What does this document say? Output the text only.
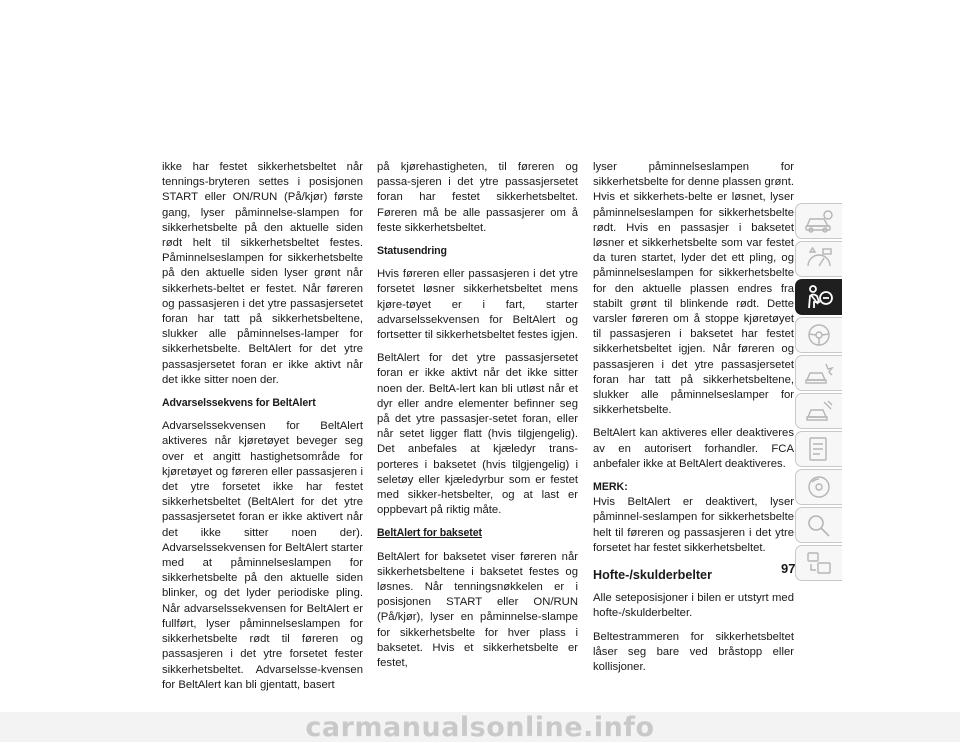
ikke har festet sikkerhetsbeltet når tennings-bryteren settes i posisjonen START eller ON/RUN (På/kjør) første gang, lyser påminnelse-slampen for sikkerhetsbelte på den aktuelle siden rødt helt til sikkerhetsbeltet festes. Påminnelseslampen for sikkerhetsbelte på den aktuelle siden lyser grønt når sikkerhets-beltet er festet. Når føreren og passasjeren i det ytre passasjersetet foran har tatt på sikkerhetsbeltene, slukker alle påminnelses-lamper for sikkerhetsbelte. BeltAlert for det ytre passasjersetet foran er ikke aktivt når det ikke sitter noen der.

Advarselssekvens for BeltAlert

Advarselssekvensen for BeltAlert aktiveres når kjøretøyet beveger seg over et angitt hastighetsområde for kjøretøyet og føreren eller passasjeren i det ytre forsetet ikke har festet sikkerhetsbeltet (BeltAlert for det ytre passasjersetet foran er ikke aktivert når det ikke sitter noen der). Advarselssekvensen for BeltAlert starter med at påminnelseslampen for sikkerhetsbelte på den aktuelle siden blinker, og det lyder periodiske pling. Når advarselssekvensen for BeltAlert er fullført, lyser påminnelseslampen for sikkerhetsbelte rødt til føreren og passasjeren i det ytre forsetet fester sikkerhetsbeltet. Advarselsse-kvensen for BeltAlert kan bli gjentatt, basert

på kjørehastigheten, til føreren og passa-sjeren i det ytre passasjersetet foran har festet sikkerhetsbeltet. Føreren må be alle passasjerer om å feste sikkerhetsbeltet.

Statusendring

Hvis føreren eller passasjeren i det ytre forsetet løsner sikkerhetsbeltet mens kjøre-tøyet er i fart, starter advarselssekvensen for BeltAlert og fortsetter til sikkerhetsbeltet festes igjen.

BeltAlert for det ytre passasjersetet foran er ikke aktivt når det ikke sitter noen der. BeltA-lert kan bli utløst når et dyr eller andre elementer befinner seg på det ytre passasjer-setet foran, eller når setet ligger flatt (hvis tilgjengelig). Det anbefales at kjæledyr trans-porteres i baksetet (hvis tilgjengelig) i seletøy eller kjæledyrbur som er festet med sikker-hetsbelter, og at last er oppbevart på riktig måte.

BeltAlert for baksetet

BeltAlert for baksetet viser føreren når sikkerhetsbeltene i baksetet festes og løsnes. Når tenningsnøkkelen er i posisjonen START eller ON/RUN (På/kjør), lyser en påminnelse-slampe for sikkerhetsbelte for hver plass i baksetet. Hvis et sikkerhetsbelte er festet,

lyser påminnelseslampen for sikkerhetsbelte for denne plassen grønt. Hvis et sikkerhets-belte er løsnet, lyser påminnelseslampen for sikkerhetsbelte rødt. Hvis en passasjer i baksetet løsner et sikkerhetsbelte som var festet da turen startet, lyder det ett pling, og påminnelseslampen for sikkerhetsbelte for den aktuelle plassen endres fra stabilt grønt til blinkende rødt. Dette varsler føreren om å stoppe kjøretøyet til passasjeren i baksetet har festet sikkerhetsbeltet igjen. Når føreren og passasjeren i det ytre passasjersetet foran har tatt på sikkerhetsbeltene, slukker alle påminnelseslamper for sikkerhetsbelte.

BeltAlert kan aktiveres eller deaktiveres av en autorisert forhandler. FCA anbefaler ikke at BeltAlert deaktiveres.

MERK:

Hvis BeltAlert er deaktivert, lyser påminnel-seslampen for sikkerhetsbelte helt til føreren og passasjeren i det ytre forsetet har festet sikkerhetsbeltet.

Hofte-/skulderbelter

Alle seteposisjoner i bilen er utstyrt med hofte-/skulderbelter.

Beltestrammeren for sikkerhetsbeltet låser seg bare ved bråstopp eller kollisjoner.

97
carmanualsonline.info
